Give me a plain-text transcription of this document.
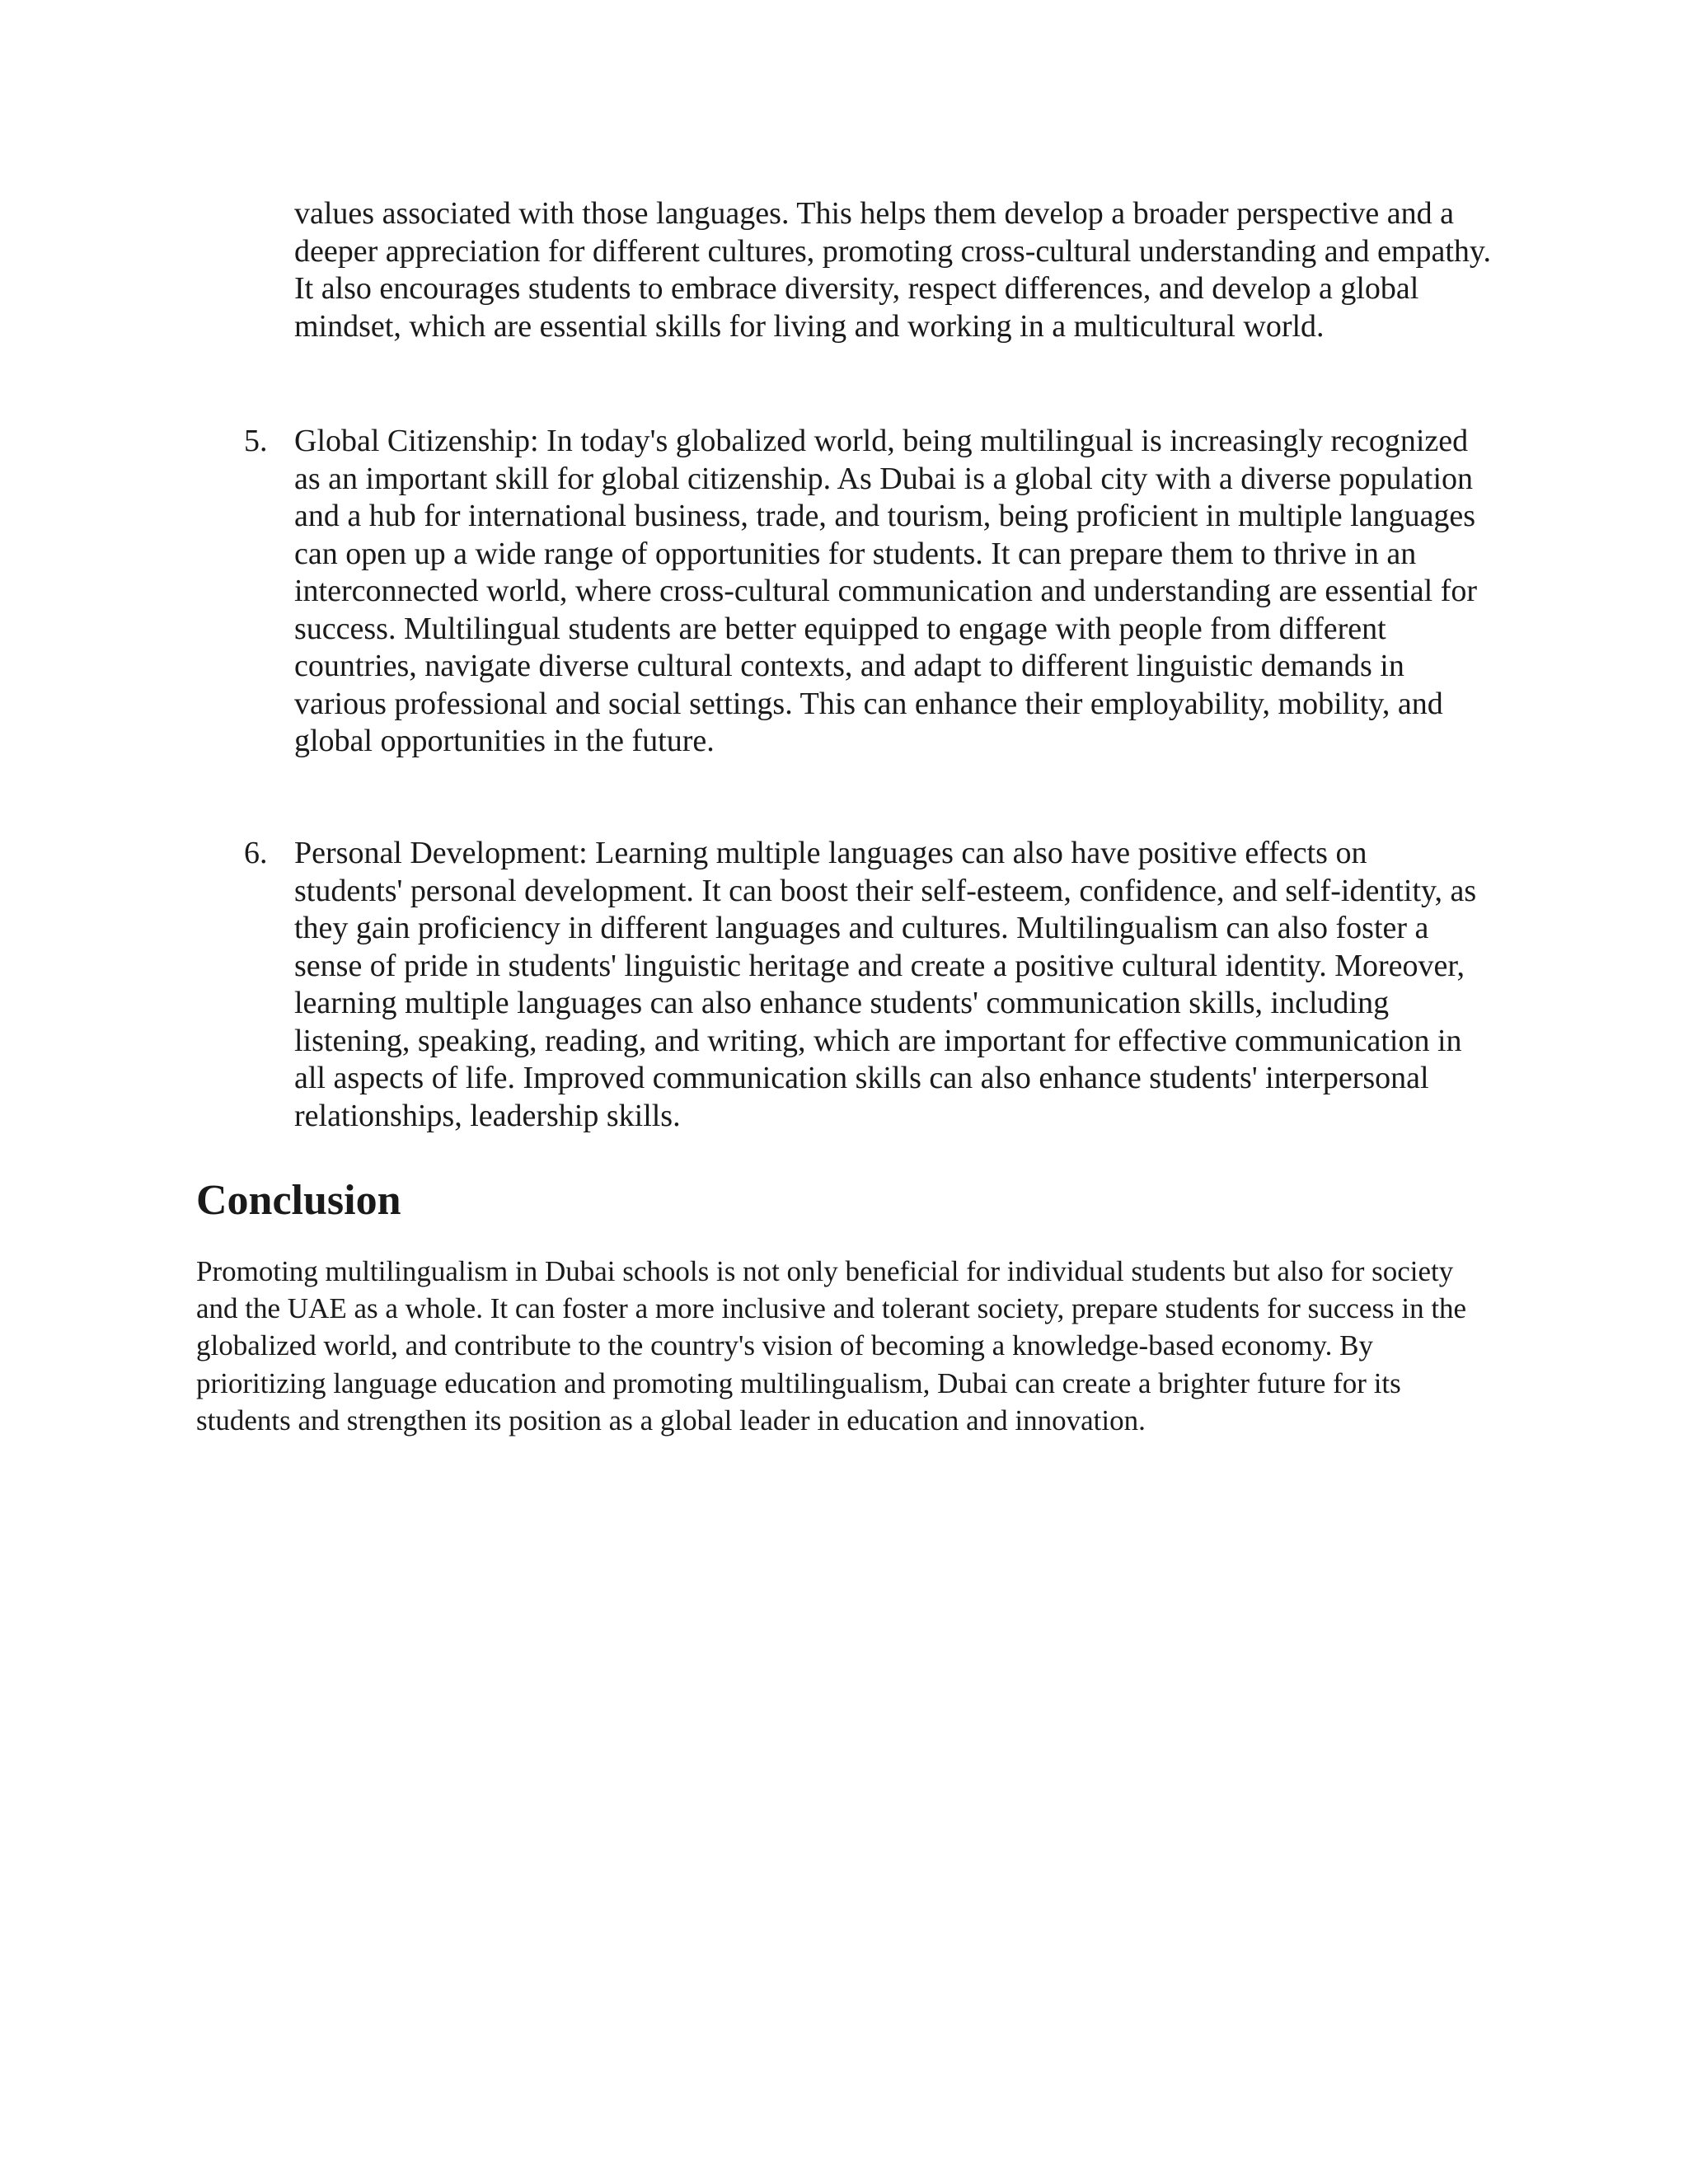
values associated with those languages. This helps them develop a broader perspective and a deeper appreciation for different cultures, promoting cross-cultural understanding and empathy. It also encourages students to embrace diversity, respect differences, and develop a global mindset, which are essential skills for living and working in a multicultural world.

5. Global Citizenship: In today's globalized world, being multilingual is increasingly recognized as an important skill for global citizenship. As Dubai is a global city with a diverse population and a hub for international business, trade, and tourism, being proficient in multiple languages can open up a wide range of opportunities for students. It can prepare them to thrive in an interconnected world, where cross-cultural communication and understanding are essential for success. Multilingual students are better equipped to engage with people from different countries, navigate diverse cultural contexts, and adapt to different linguistic demands in various professional and social settings. This can enhance their employability, mobility, and global opportunities in the future.

6. Personal Development: Learning multiple languages can also have positive effects on students' personal development. It can boost their self-esteem, confidence, and self-identity, as they gain proficiency in different languages and cultures. Multilingualism can also foster a sense of pride in students' linguistic heritage and create a positive cultural identity. Moreover, learning multiple languages can also enhance students' communication skills, including listening, speaking, reading, and writing, which are important for effective communication in all aspects of life. Improved communication skills can also enhance students' interpersonal relationships, leadership skills.

Conclusion

Promoting multilingualism in Dubai schools is not only beneficial for individual students but also for society and the UAE as a whole. It can foster a more inclusive and tolerant society, prepare students for success in the globalized world, and contribute to the country's vision of becoming a knowledge-based economy. By prioritizing language education and promoting multilingualism, Dubai can create a brighter future for its students and strengthen its position as a global leader in education and innovation.
